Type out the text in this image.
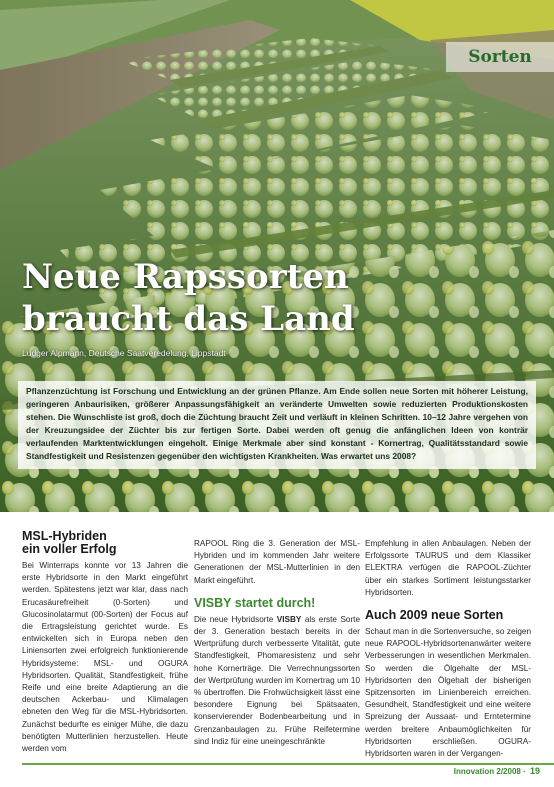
Sorten
Neue Rapssorten
braucht das Land
Ludger Alpmann, Deutsche Saatveredelung, Lippstadt
Pflanzenzüchtung ist Forschung und Entwicklung an der grünen Pflanze. Am Ende sollen neue Sorten mit höherer Leistung, geringeren Anbaurisiken, größerer Anpassungsfähigkeit an veränderte Umwelten sowie reduzierten Produktionskosten stehen. Die Wunschliste ist groß, doch die Züchtung braucht Zeit und verläuft in kleinen Schritten. 10–12 Jahre vergehen von der Kreuzungsidee der Züchter bis zur fertigen Sorte. Dabei werden oft genug die anfänglichen Ideen von konträr verlaufenden Marktentwicklungen eingeholt. Einige Merkmale aber sind konstant - Kornertrag, Qualitätsstandard sowie Standfestigkeit und Resistenzen gegenüber den wichtigsten Krankheiten. Was erwartet uns 2008?
MSL-Hybriden
ein voller Erfolg

Bei Winterraps konnte vor 13 Jahren die erste Hybridsorte in den Markt eingeführt werden. Spätestens jetzt war klar, dass nach Erucasäurefreiheit (0-Sorten) und Glucosinolatarmut (00-Sorten) der Focus auf die Ertragsleistung gerichtet wurde. Es entwickelten sich in Europa neben den Liniensorten zwei erfolgreich funktionierende Hybridsysteme: MSL- und OGURA Hybridsorten. Qualität, Standfestigkeit, frühe Reife und eine breite Adaptierung an die deutschen Ackerbau- und Klimalagen ebneten den Weg für die MSL-Hybridsorten. Zunächst bedurfte es einiger Mühe, die dazu benötigten Mutterlinien herzustellen. Heute werden vom

RAPOOL Ring die 3. Generation der MSL-Hybriden und im kommenden Jahr weitere Generationen der MSL-Mutterlinien in den Markt eingeführt.

VISBY startet durch!

Die neue Hybridsorte VISBY als erste Sorte der 3. Generation bestach bereits in der Wertprüfung durch verbesserte Vitalität, gute Standfestigkeit, Phomaresistenz und sehr hohe Kornerträge. Die Verrechnungssorten der Wertprüfung wurden im Kornertrag um 10 % übertroffen. Die Frohwüchsigkeit lässt eine besondere Eignung bei Spätsaaten, konservierender Bodenbearbeitung und in Grenzanbaulagen zu. Frühe Reifetermine sind Indiz für eine uneingeschränkte

Empfehlung in allen Anbaulagen. Neben der Erfolgssorte TAURUS und dem Klassiker ELEKTRA verfügen die RAPOOL-Züchter über ein starkes Sortiment leistungsstarker Hybridsorten.

Auch 2009 neue Sorten

Schaut man in die Sortenversuche, so zeigen neue RAPOOL-Hybridsortenanwärter weitere Verbesserungen in wesentlichen Merkmalen. So werden die Ölgehalte der MSL-Hybridsorten den Ölgehalt der bisherigen Spitzensorten im Linienbereich erreichen. Gesundheit, Standfestigkeit und eine weitere Spreizung der Aussaat- und Erntetermine werden breitere Anbaumöglichkeiten für Hybridsorten erschließen. OGURA-Hybridsorten waren in der Vergangen-

Innovation 2/2008 · 19
